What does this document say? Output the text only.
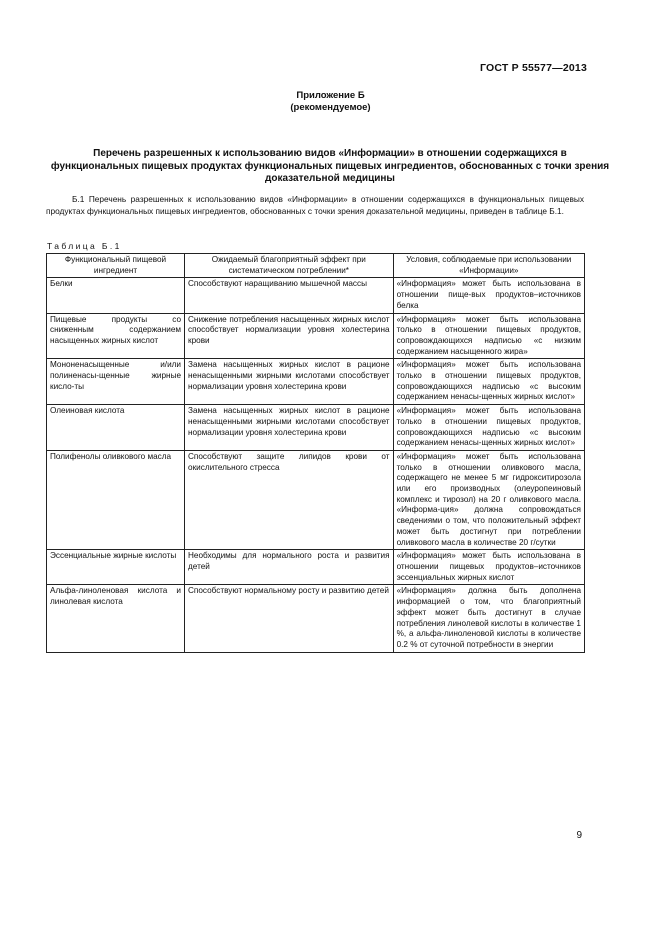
ГОСТ Р 55577—2013
Приложение Б
(рекомендуемое)
Перечень разрешенных к использованию видов «Информации» в отношении содержащихся в функциональных пищевых продуктах функциональных пищевых ингредиентов, обоснованных с точки зрения доказательной медицины
Б.1 Перечень разрешенных к использованию видов «Информации» в отношении содержащихся в функциональных пищевых продуктах функциональных пищевых ингредиентов, обоснованных с точки зрения доказательной медицины, приведен в таблице Б.1.
Таблица Б.1
Функциональный пищевой ингредиент	Ожидаемый благоприятный эффект при систематическом потреблении*	Условия, соблюдаемые при использовании «Информации»
Белки	Способствуют наращиванию мышечной массы	«Информация» может быть использована в отношении пище-вых продуктов–источников белка
Пищевые продукты со сниженным содержанием насыщенных жирных кислот	Снижение потребления насыщенных жирных кислот способствует нормализации уровня холестерина крови	«Информация» может быть использована только в отношении пищевых продуктов, сопровождающихся надписью «с низким содержанием насыщенного жира»
Мононенасыщенные и/или полиненасы-щенные жирные кисло-ты	Замена насыщенных жирных кислот в рационе ненасыщенными жирными кислотами способствует нормализации уровня холестерина крови	«Информация» может быть использована только в отношении пищевых продуктов, сопровождающихся надписью «с высоким содержанием ненасы-щенных жирных кислот»
Олеиновая кислота	Замена насыщенных жирных кислот в рационе ненасыщенными жирными кислотами способствует нормализации уровня холестерина крови	«Информация» может быть использована только в отношении пищевых продуктов, сопровождающихся надписью «с высоким содержанием ненасы-щенных жирных кислот»
Полифенолы оливкового масла	Способствуют защите липидов крови от окислительного стресса	«Информация» может быть использована только в отношении оливкового масла, содержащего не менее 5 мг гидрокситирозола или его производных (олеуропеиновый комплекс и тирозол) на 20 г оливкового масла. «Информа-ция» должна сопровождаться сведениями о том, что положительный эффект может быть достигнут при потреблении оливкового масла в количестве 20 г/сутки
Эссенциальные жирные кислоты	Необходимы для нормального роста и развития детей	«Информация» может быть использована в отношении пищевых продуктов–источников эссенциальных жирных кислот
Альфа-линоленовая кислота и линолевая кислота	Способствуют нормальному росту и развитию детей	«Информация» должна быть дополнена информацией о том, что благоприятный эффект может быть достигнут в случае потребления линолевой кислоты в количестве 1 %, а альфа-линоленовой кислоты в количестве 0.2 % от суточной потребности в энергии
9
